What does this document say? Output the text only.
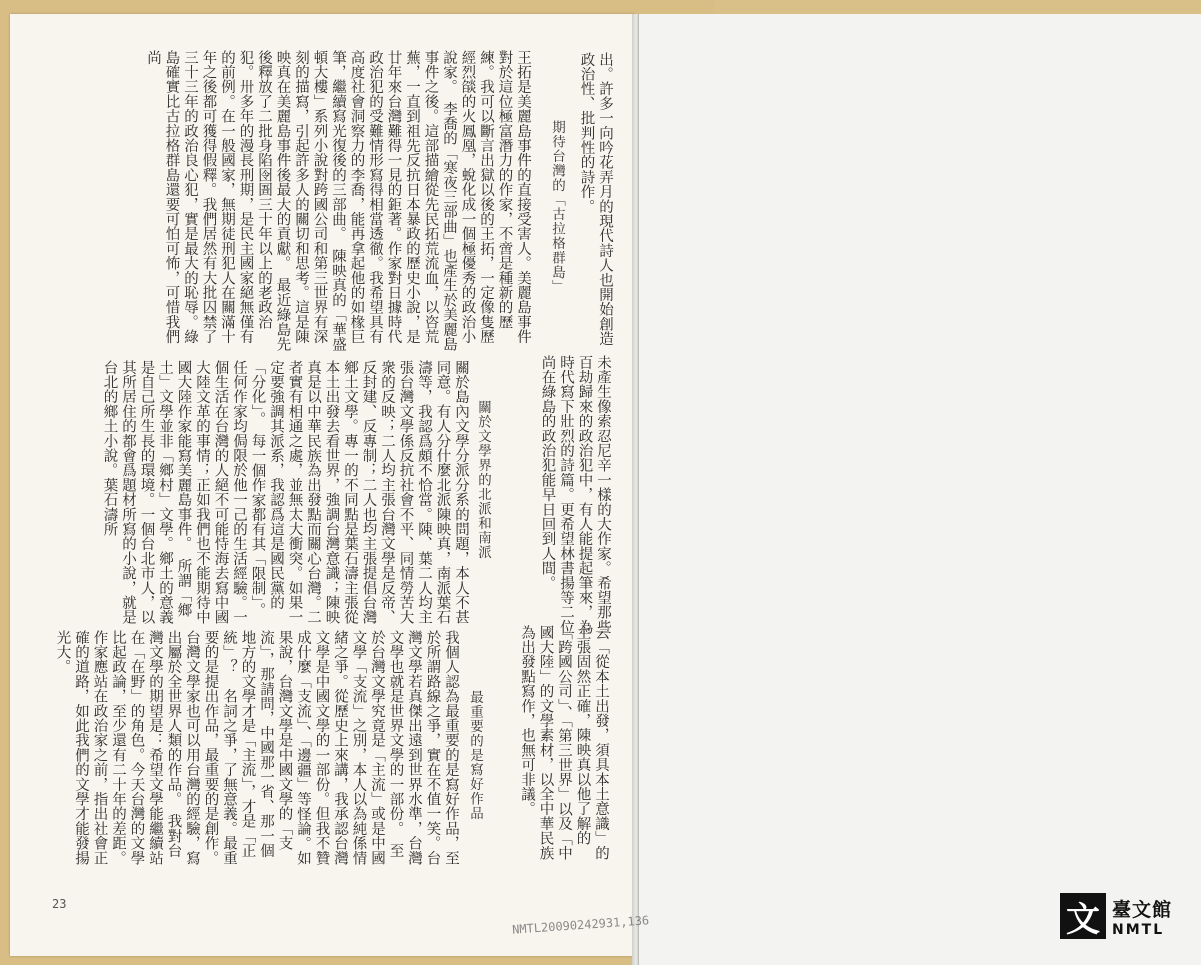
出。許多一向吟花弄月的現代詩人也開始創造政治性、批判性的詩作。
期待台灣的「古拉格群島」
王拓是美麗島事件的直接受害人。美麗島事件對於這位極富潛力的作家，不啻是種新的歷練。我可以斷言出獄以後的王拓，一定像隻歷經烈燄的火鳳凰，蛻化成一個極優秀的政治小說家。　李喬的「寒夜三部曲」也產生於美麗島事件之後。這部描繪從先民拓荒流血，以咨荒蕪，一直到祖先反抗日本暴政的歷史小說，是廿年來台灣難得一見的鉅著。作家對日據時代政治犯的受難情形寫得相當透徹。我希望具有高度社會洞察力的李喬，能再拿起他的如椽巨筆，繼續寫光復後的三部曲。　陳映真的「華盛頓大樓」系列小說對跨國公司和第三世界有深刻的描寫，引起許多人的關切和思考。這是陳映真在美麗島事件後最大的貢獻。　最近綠島先後釋放了二批身陷囹圄三十年以上的老政治犯。卅多年的漫長刑期，是民主國家絕無僅有的前例。在一般國家，無期徒刑犯人在關滿十年之後都可獲得假釋。我們居然有大批囚禁了三十三年的政治良心犯，實是最大的恥辱。綠島確實比古拉格群島還要可怕可怖，可惜我們尚
未產生像索忍尼辛一樣的大作家。希望那些百劫歸來的政治犯中，有人能提起筆來，為時代寫下壯烈的詩篇。更希望林書揚等二位尚在綠島的政治犯能早日回到人間。
關於文學界的北派和南派
關於島內文學分派分系的問題，本人不甚同意。有人分什麼北派陳映真，南派葉石濤等，我認爲頗不恰當。陳、葉二人均主張台灣文學係反抗社會不平、同情勞苦大衆的反映；二人均主張台灣文學是反帝、反封建、反專制；二人也均主張提倡台灣鄉土文學。專一的不同點是葉石濤主張從本土出發去看世界，強調台灣意識；陳映真是以中華民族為出發點而關心台灣。二者實有相通之處，並無太大衝突。如果一定要強調其派系，我認爲這是國民黨的「分化」。　每一個作家都有其「限制」。任何作家均侷限於他一己的生活經驗。一個生活在台灣的人絕不可能恃海去寫中國大陸文革的事情；正如我們也不能期待中國大陸作家能寫美麗島事件。　所謂「鄉土」文學並非「鄉村」文學。鄉土的意義是自己所生長的環境。一個台北市人，以其所居住的都會爲題材所寫的小說，就是台北的鄉土小說。葉石濤所
云「從本土出發，須具本土意識」的主張固然正確，陳映真以他了解的「跨國公司」、「第三世界」以及「中國大陸」的文學素材，以全中華民族為出發點寫作，也無可非議。
最重要的是寫好作品
我個人認為最重要的是寫好作品，至於所謂路線之爭，實在不值一笑。台灣文學若真傑出遠到世界水準，台灣文學也就是世界文學的一部份。　至於台灣文學究竟是「主流」或是中國文學「支流」之別，本人以為純係情緒之爭。從歷史上來講，我承認台灣文學是中國文學的一部份。但我不贊成什麼「支流」、「邊疆」等怪論。如果說，台灣文學是中國文學的「支流」，那請問，中國那一省、那一個地方的文學才是「主流」，才是「正統」？　名詞之爭，了無意義。最重要的是提出作品，最重要的是創作。台灣文學家也可以用台灣的經驗，寫出屬於全世界人類的作品。　我對台灣文學的期望是：希望文學能繼續站在「在野」的角色。今天台灣的文學比起政論，至少還有二十年的差距。作家應站在政治家之前，指出社會正確的道路，如此我們的文學才能發揚光大。
23
NMTL20090242931,136	文 臺文館
NMTL
